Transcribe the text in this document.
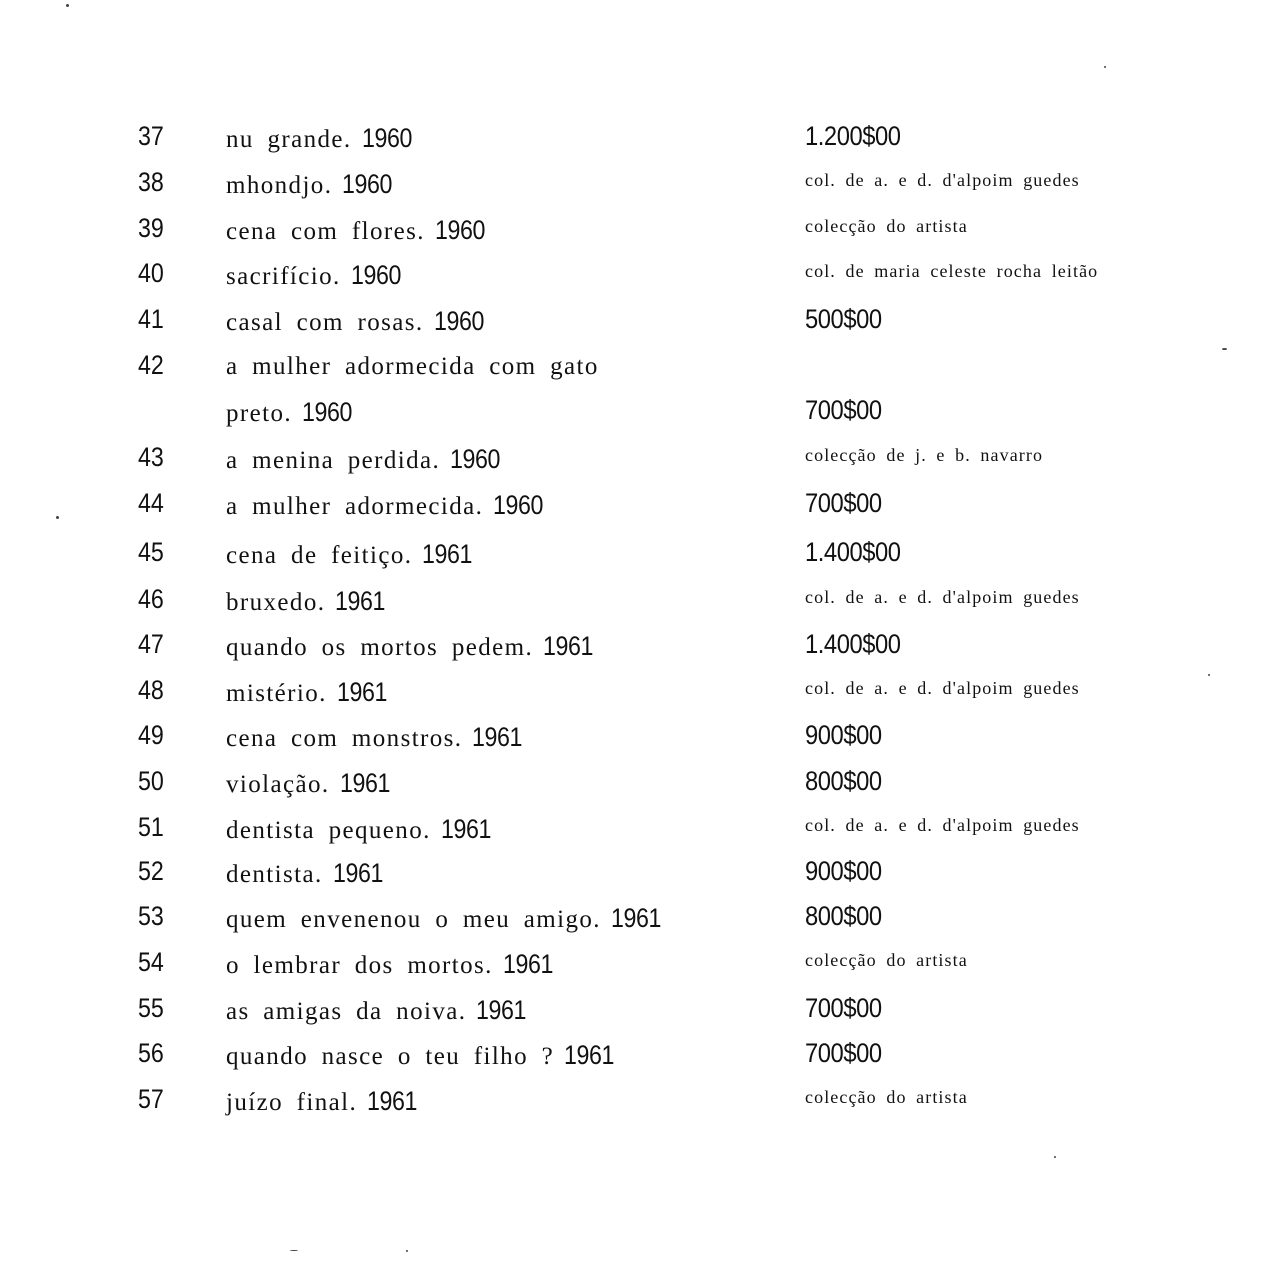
37 nu grande. 1960	1.200$00
38 mhondjo. 1960	col. de a. e d. d'alpoim guedes
39 cena com flores. 1960	colecção do artista
40 sacrifício. 1960	col. de maria celeste rocha leitão
41 casal com rosas. 1960	500$00
42 a mulher adormecida com gato
preto. 1960	700$00
43 a menina perdida. 1960	colecção de j. e b. navarro
44 a mulher adormecida. 1960	700$00
45 cena de feitiço. 1961	1.400$00
46 bruxedo. 1961	col. de a. e d. d'alpoim guedes
47 quando os mortos pedem. 1961	1.400$00
48 mistério. 1961	col. de a. e d. d'alpoim guedes
49 cena com monstros. 1961	900$00
50 violação. 1961	800$00
51 dentista pequeno. 1961	col. de a. e d. d'alpoim guedes
52 dentista. 1961	900$00
53 quem envenenou o meu amigo. 1961	800$00
54 o lembrar dos mortos. 1961	colecção do artista
55 as amigas da noiva. 1961	700$00
56 quando nasce o teu filho ? 1961	700$00
57 juízo final. 1961	colecção do artista
